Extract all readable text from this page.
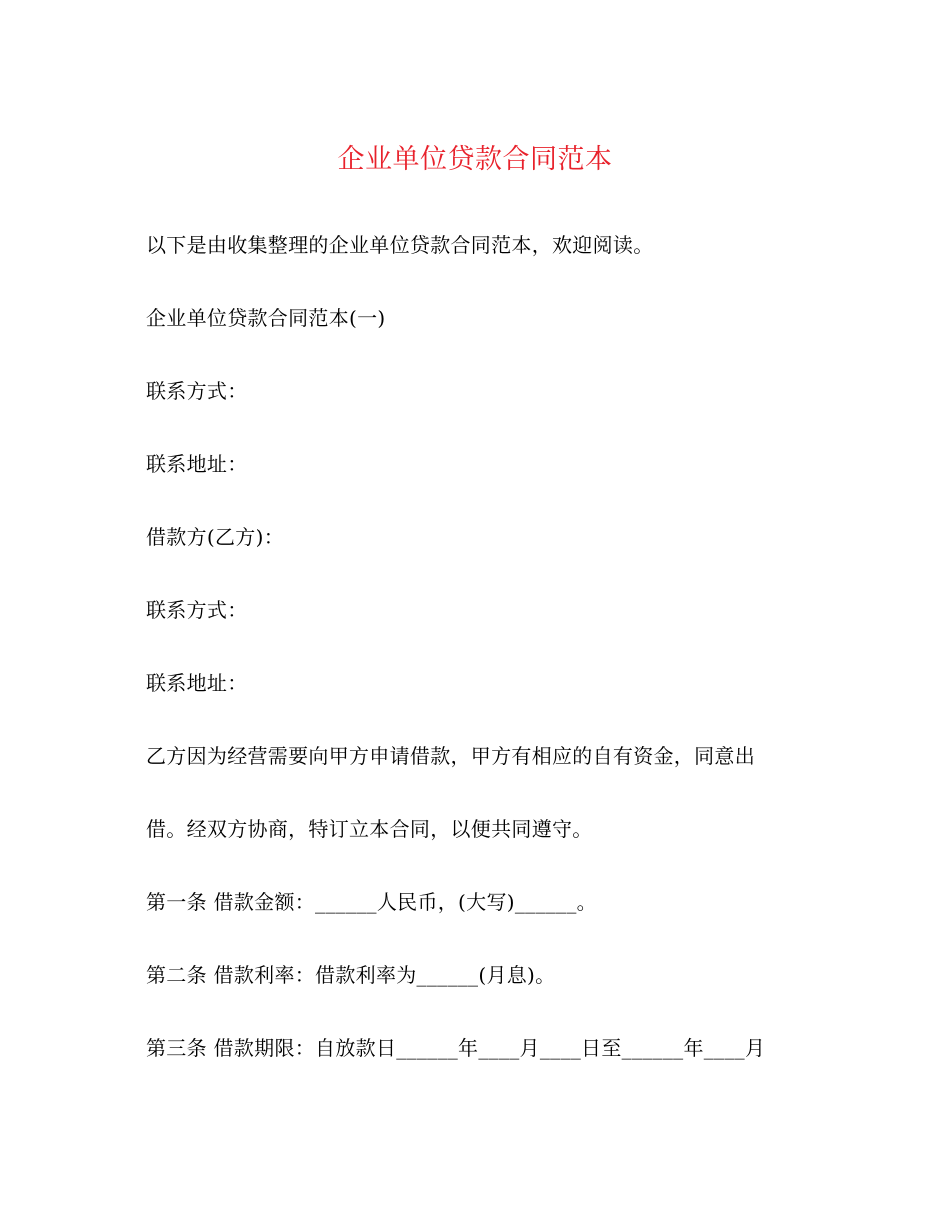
企业单位贷款合同范本
以下是由收集整理的企业单位贷款合同范本，欢迎阅读。
企业单位贷款合同范本(一)
联系方式：
联系地址：
借款方(乙方)：
联系方式：
联系地址：
乙方因为经营需要向甲方申请借款，甲方有相应的自有资金，同意出
借。经双方协商，特订立本合同，以便共同遵守。
第一条 借款金额：______人民币，(大写)______。
第二条 借款利率：借款利率为______(月息)。
第三条 借款期限：自放款日______年____月____日至______年____月
